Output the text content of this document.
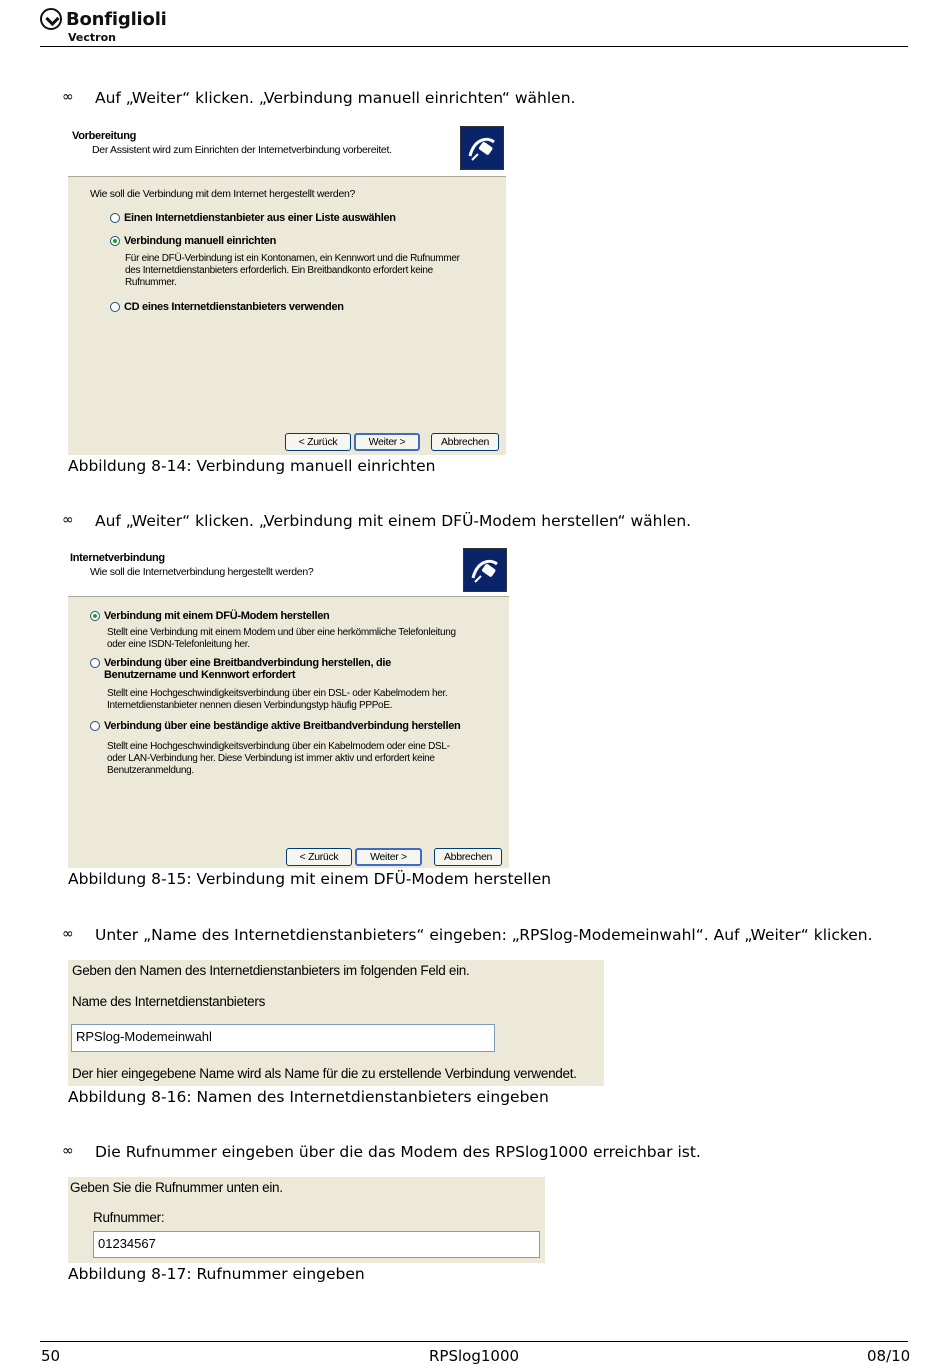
Bonfiglioli
Vectron
∞	Auf „Weiter“ klicken. „Verbindung manuell einrichten“ wählen.
Vorbereitung
Der Assistent wird zum Einrichten der Internetverbindung vorbereitet.
Wie soll die Verbindung mit dem Internet hergestellt werden?
Einen Internetdienstanbieter aus einer Liste auswählen
Verbindung manuell einrichten
Für eine DFÜ-Verbindung ist ein Kontonamen, ein Kennwort und die Rufnummer
des Internetdienstanbieters erforderlich. Ein Breitbandkonto erfordert keine
Rufnummer.
CD eines Internetdienstanbieters verwenden
< Zurück	Weiter >	Abbrechen
Abbildung 8-14: Verbindung manuell einrichten
∞	Auf „Weiter“ klicken. „Verbindung mit einem DFÜ-Modem herstellen“ wählen.
Internetverbindung
Wie soll die Internetverbindung hergestellt werden?
Verbindung mit einem DFÜ-Modem herstellen
Stellt eine Verbindung mit einem Modem und über eine herkömmliche Telefonleitung
oder eine ISDN-Telefonleitung her.
Verbindung über eine Breitbandverbindung herstellen, die
Benutzername und Kennwort erfordert
Stellt eine Hochgeschwindigkeitsverbindung über ein DSL- oder Kabelmodem her.
Internetdienstanbieter nennen diesen Verbindungstyp häufig PPPoE.
Verbindung über eine beständige aktive Breitbandverbindung herstellen
Stellt eine Hochgeschwindigkeitsverbindung über ein Kabelmodem oder eine DSL-
oder LAN-Verbindung her. Diese Verbindung ist immer aktiv und erfordert keine
Benutzeranmeldung.
< Zurück	Weiter >	Abbrechen
Abbildung 8-15: Verbindung mit einem DFÜ-Modem herstellen
∞	Unter „Name des Internetdienstanbieters“ eingeben: „RPSlog-Modemeinwahl“. Auf „Weiter“ klicken.
Geben den Namen des Internetdienstanbieters im folgenden Feld ein.
Name des Internetdienstanbieters
RPSlog-Modemeinwahl
Der hier eingegebene Name wird als Name für die zu erstellende Verbindung verwendet.
Abbildung 8-16: Namen des Internetdienstanbieters eingeben
∞	Die Rufnummer eingeben über die das Modem des RPSlog1000 erreichbar ist.
Geben Sie die Rufnummer unten ein.
Rufnummer:
01234567
Abbildung 8-17: Rufnummer eingeben
50	RPSlog1000	08/10
